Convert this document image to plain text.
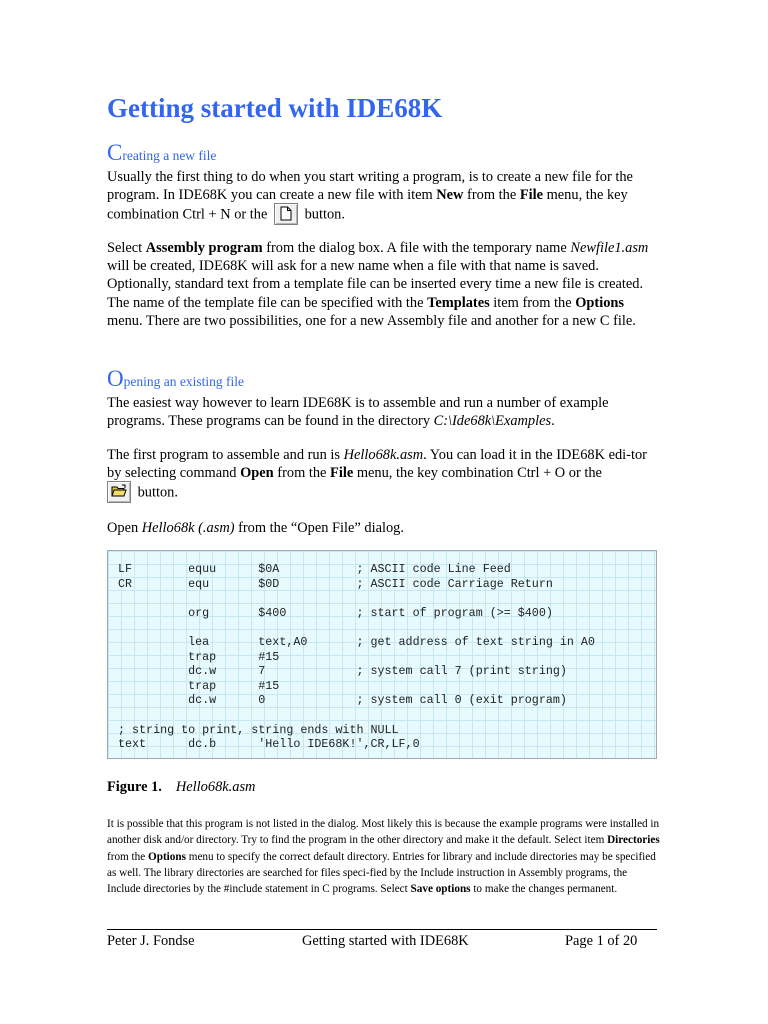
Getting started with IDE68K
Creating a new file

Usually the first thing to do when you start writing a program, is to create a new file for the program. In IDE68K you can create a new file with item New from the File menu, the key combination Ctrl + N or the
button.

Select Assembly program from the dialog box. A file with the temporary name Newfile1.asm will be created, IDE68K will ask for a new name when a file with that name is saved. Optionally, standard text from a template file can be inserted every time a new file is created. The name of the template file can be specified with the Templates item from the Options menu. There are two possibilities, one for a new Assembly file and another for a new C file.

Opening an existing file

The easiest way however to learn IDE68K is to assemble and run a number of example programs. These programs can be found in the directory C:\Ide68k\Examples.

The first program to assemble and run is Hello68k.asm. You can load it in the IDE68K edi-tor by selecting command Open from the File menu, the key combination Ctrl + O or the

button.

Open Hello68k (.asm) from the “Open File” dialog.

LF        equu      $0A           ; ASCII code Line Feed
CR        equ       $0D           ; ASCII code Carriage Return

org       $400          ; start of program (>= $400)

lea       text,A0       ; get address of text string in A0
trap      #15
dc.w      7             ; system call 7 (print string)
trap      #15
dc.w      0             ; system call 0 (exit program)

; string to print, string ends with NULL
text      dc.b      'Hello IDE68K!',CR,LF,0

Figure 1. Hello68k.asm

It is possible that this program is not listed in the dialog. Most likely this is because the example programs were installed in another disk and/or directory. Try to find the program in the other directory and make it the default. Select item Directories from the Options menu to specify the correct default directory. Entries for library and include directories may be specified as well. The library directories are searched for files speci-fied by the Include instruction in Assembly programs, the Include directories by the #include statement in C programs. Select Save options to make the changes permanent.

Peter J. Fondse	Getting started with IDE68K	Page 1 of 20
